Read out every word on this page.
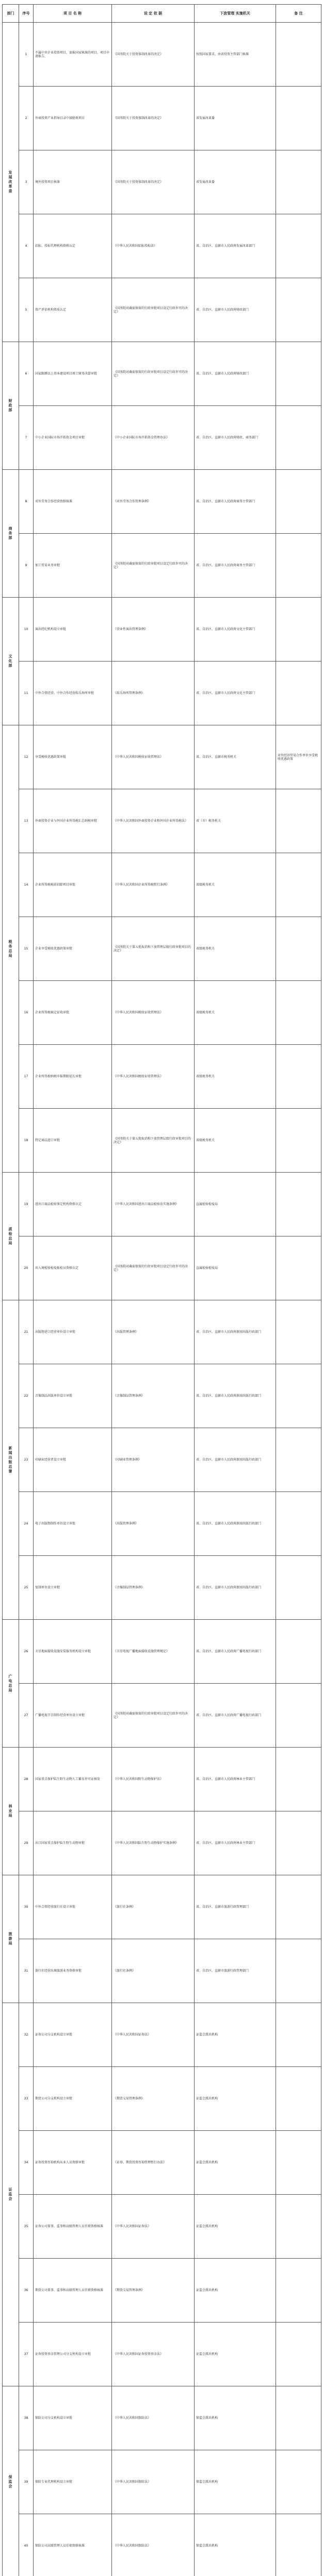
部门	序号	项 目 名 称	设 定 依 据	下放管理 实施机关	备 注
发展改革委	1	不属中央企业投资项目，需报国家核准的项目，项目申请报告，	《国务院关于投资体制改革的决定》	按照国家要求，由省投资主管部门核准	
	2	外商投资产业指导目录中鼓励类项目	《国务院关于投资体制改革的决定》	省发展改革委	
	3	境外投资项目核准	《国务院关于投资体制改革的决定》	省发展改革委	
	4	招标、投标代理机构资格认定	《中华人民共和国招标投标法》	省、自治区、直辖市人民政府发展改革部门	
	5	资产评估机构资质认定	《国务院对确需保留的行政审批项目设定行政许可的决定》	省、自治区、直辖市人民政府财政部门	
财政部	6	国家限额以上基本建设项目竣工财务决算审批	《国务院对确需保留的行政审批项目设定行政许可的决定》	省、自治区、直辖市人民政府财政部门	
	7	中小企业国际市场开拓资金项目审批	《中小企业国际市场开拓资金管理办法》	省、自治区、直辖市人民政府财政、商务部门	
商务部	8	对外劳务合作经营资格核准	《对外劳务合作管理条例》	省、自治区、直辖市人民政府商务主管部门	
	9	加工贸易业务审批	《国务院对确需保留的行政审批项目设定行政许可的决定》	省、自治区、直辖市人民政府商务主管部门	
文化部	10	演出经纪机构设立审批	《营业性演出管理条例》	省、自治区、直辖市人民政府文化主管部门	
	11	中外合资经营、中外合作经营娱乐场所审批	《娱乐场所管理条例》	省、自治区、直辖市人民政府文化主管部门	
税务总局	12	享受税收优惠政策审批	《中华人民共和国税收征收管理法》	省、自治区、直辖市税务机关	对外经济贸易合作单位享受税收优惠政策
	13	外商投资企业与外国企业所得税汇总纳税审批	《中华人民共和国外商投资企业和外国企业所得税法》	省（市）税务机关	
	14	企业所得税税前扣除项目审批	《中华人民共和国企业所得税暂行条例》	省级税务机关	
	15	企业享受税收优惠政策审批	《国务院关于第五批取消和下放管理层级行政审批项目的决定》	省级税务机关	
	16	企业所得税核定征收审批	《中华人民共和国税收征收管理法》	省级税务机关	
	17	企业所得税纳税申报期限延长审批	《中华人民共和国税收征收管理法》	省级税务机关	
	18	特定商品进口审批	《国务院关于第五批取消和下放管理层级行政审批项目的决定》	省级税务机关	
质检总局	19	进出口商品检验鉴定机构资格认定	《中华人民共和国进出口商品检验法实施条例》	直属检验检疫局	
	20	出入境检验检疫报检员资格认定	《国务院对确需保留的行政审批项目设定行政许可的决定》	直属检验检疫局	
新闻出版总署	21	出版物进口经营单位设立审批	《出版管理条例》	省、自治区、直辖市人民政府新闻出版行政部门	
	22	音像制品出版单位设立审批	《音像制品管理条例》	省、自治区、直辖市人民政府新闻出版行政部门	
	23	印刷业经营者设立审批	《印刷业管理条例》	省、自治区、直辖市人民政府新闻出版行政部门	
	24	电子出版物制作单位设立审批	《出版管理条例》	省、自治区、直辖市人民政府新闻出版行政部门	
	25	复制单位设立审批	《音像制品管理条例》	省、自治区、直辖市人民政府新闻出版行政部门	
广电总局	26	卫星地面接收设施安装服务机构设立审批	《卫星电视广播地面接收设施管理规定》	省、自治区、直辖市人民政府广播电视行政部门	
	27	广播电视节目制作经营单位设立审批	《国务院对确需保留的行政审批项目设定行政许可的决定》	省、自治区、直辖市人民政府广播电视行政部门	
林业局	28	国家重点保护陆生野生动物人工繁育许可证核发	《中华人民共和国野生动物保护法》	省、自治区、直辖市人民政府林业主管部门	
	29	出口国家重点保护陆生野生动物审批	《中华人民共和国陆生野生动物保护实施条例》	省、自治区、直辖市人民政府林业主管部门	
旅游局	30	中外合资经营旅行社设立审批	《旅行社条例》	省、自治区、直辖市旅游行政管理部门	
	31	旅行社经营出境旅游业务资格审批	《旅行社条例》	省、自治区、直辖市旅游行政管理部门	
证监会	32	证券公司分支机构设立审批	《中华人民共和国证券法》	证监会派出机构	
	33	期货公司分支机构设立审批	《期货交易管理条例》	证监会派出机构	
	34	证券投资咨询机构从业人员资格审批	《证券、期货投资咨询管理暂行办法》	证监会派出机构	
	35	证券公司董事、监事和高级管理人员任职资格核准	《中华人民共和国证券法》	证监会派出机构	
	36	期货公司董事、监事和高级管理人员任职资格核准	《期货交易管理条例》	证监会派出机构	
	37	证券投资基金管理公司分支机构设立审批	《中华人民共和国证券投资基金法》	证监会派出机构	
保监会	38	保险公司分支机构设立审批	《中华人民共和国保险法》	保监会派出机构	
	39	保险专业代理机构设立审批	《中华人民共和国保险法》	保监会派出机构	
	40	保险公司高级管理人员任职资格核准	《中华人民共和国保险法》	保监会派出机构	
